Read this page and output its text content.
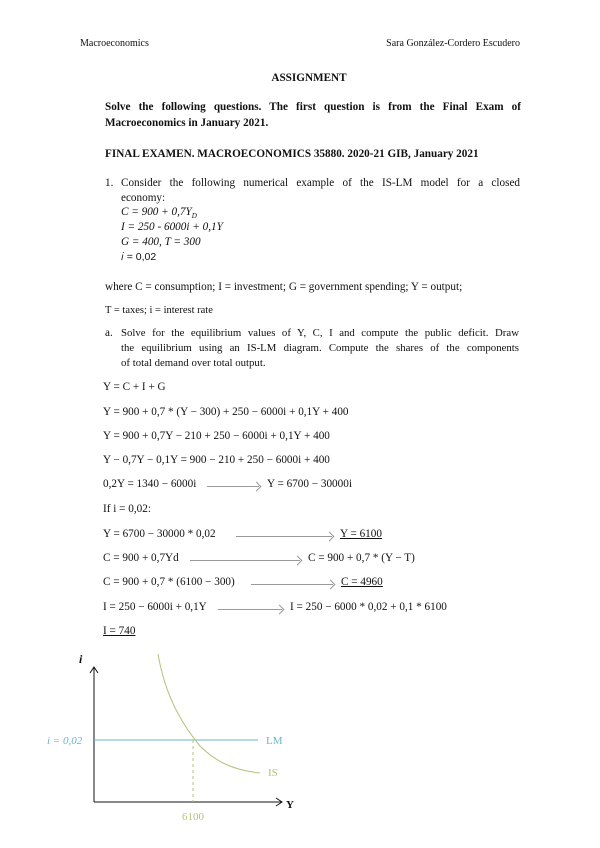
Macroeconomics	Sara González-Cordero Escudero
ASSIGNMENT
Solve the following questions. The first question is from the Final Exam of
Macroeconomics in January 2021.
FINAL EXAMEN. MACROECONOMICS 35880. 2020-21 GIB, January 2021
1. Consider the following numerical example of the IS-LM model for a closed
economy:
$C = 900 + 0,7Y_D$
I = 250 - 6000i + 0,1Y
G = 400, T = 300
𝑖 = 0,02
where C = consumption; I = investment; G = government spending; Y = output;
T = taxes; i = interest rate
a. Solve for the equilibrium values of Y, C, I and compute the public deficit. Draw
the equilibrium using an IS-LM diagram. Compute the shares of the components
of total demand over total output.
Y = C + I + G
Y = 900 + 0,7 * (Y − 300) + 250 − 6000i + 0,1Y + 400
Y = 900 + 0,7Y − 210 + 250 − 6000i + 0,1Y + 400
Y − 0,7Y − 0,1Y = 900 − 210 + 250 − 6000i + 400
0,2Y = 1340 − 6000i	Y = 6700 − 30000i
If i = 0,02:
Y = 6700 − 30000 * 0,02	Y = 6100
C = 900 + 0,7Yd	C = 900 + 0,7 * (Y − T)
C = 900 + 0,7 * (6100 − 300)	C = 4960
I = 250 − 6000i + 0,1Y	I = 250 − 6000 * 0,02 + 0,1 * 6100
I = 740
i
Y
LM
IS
i = 0,02
6100
